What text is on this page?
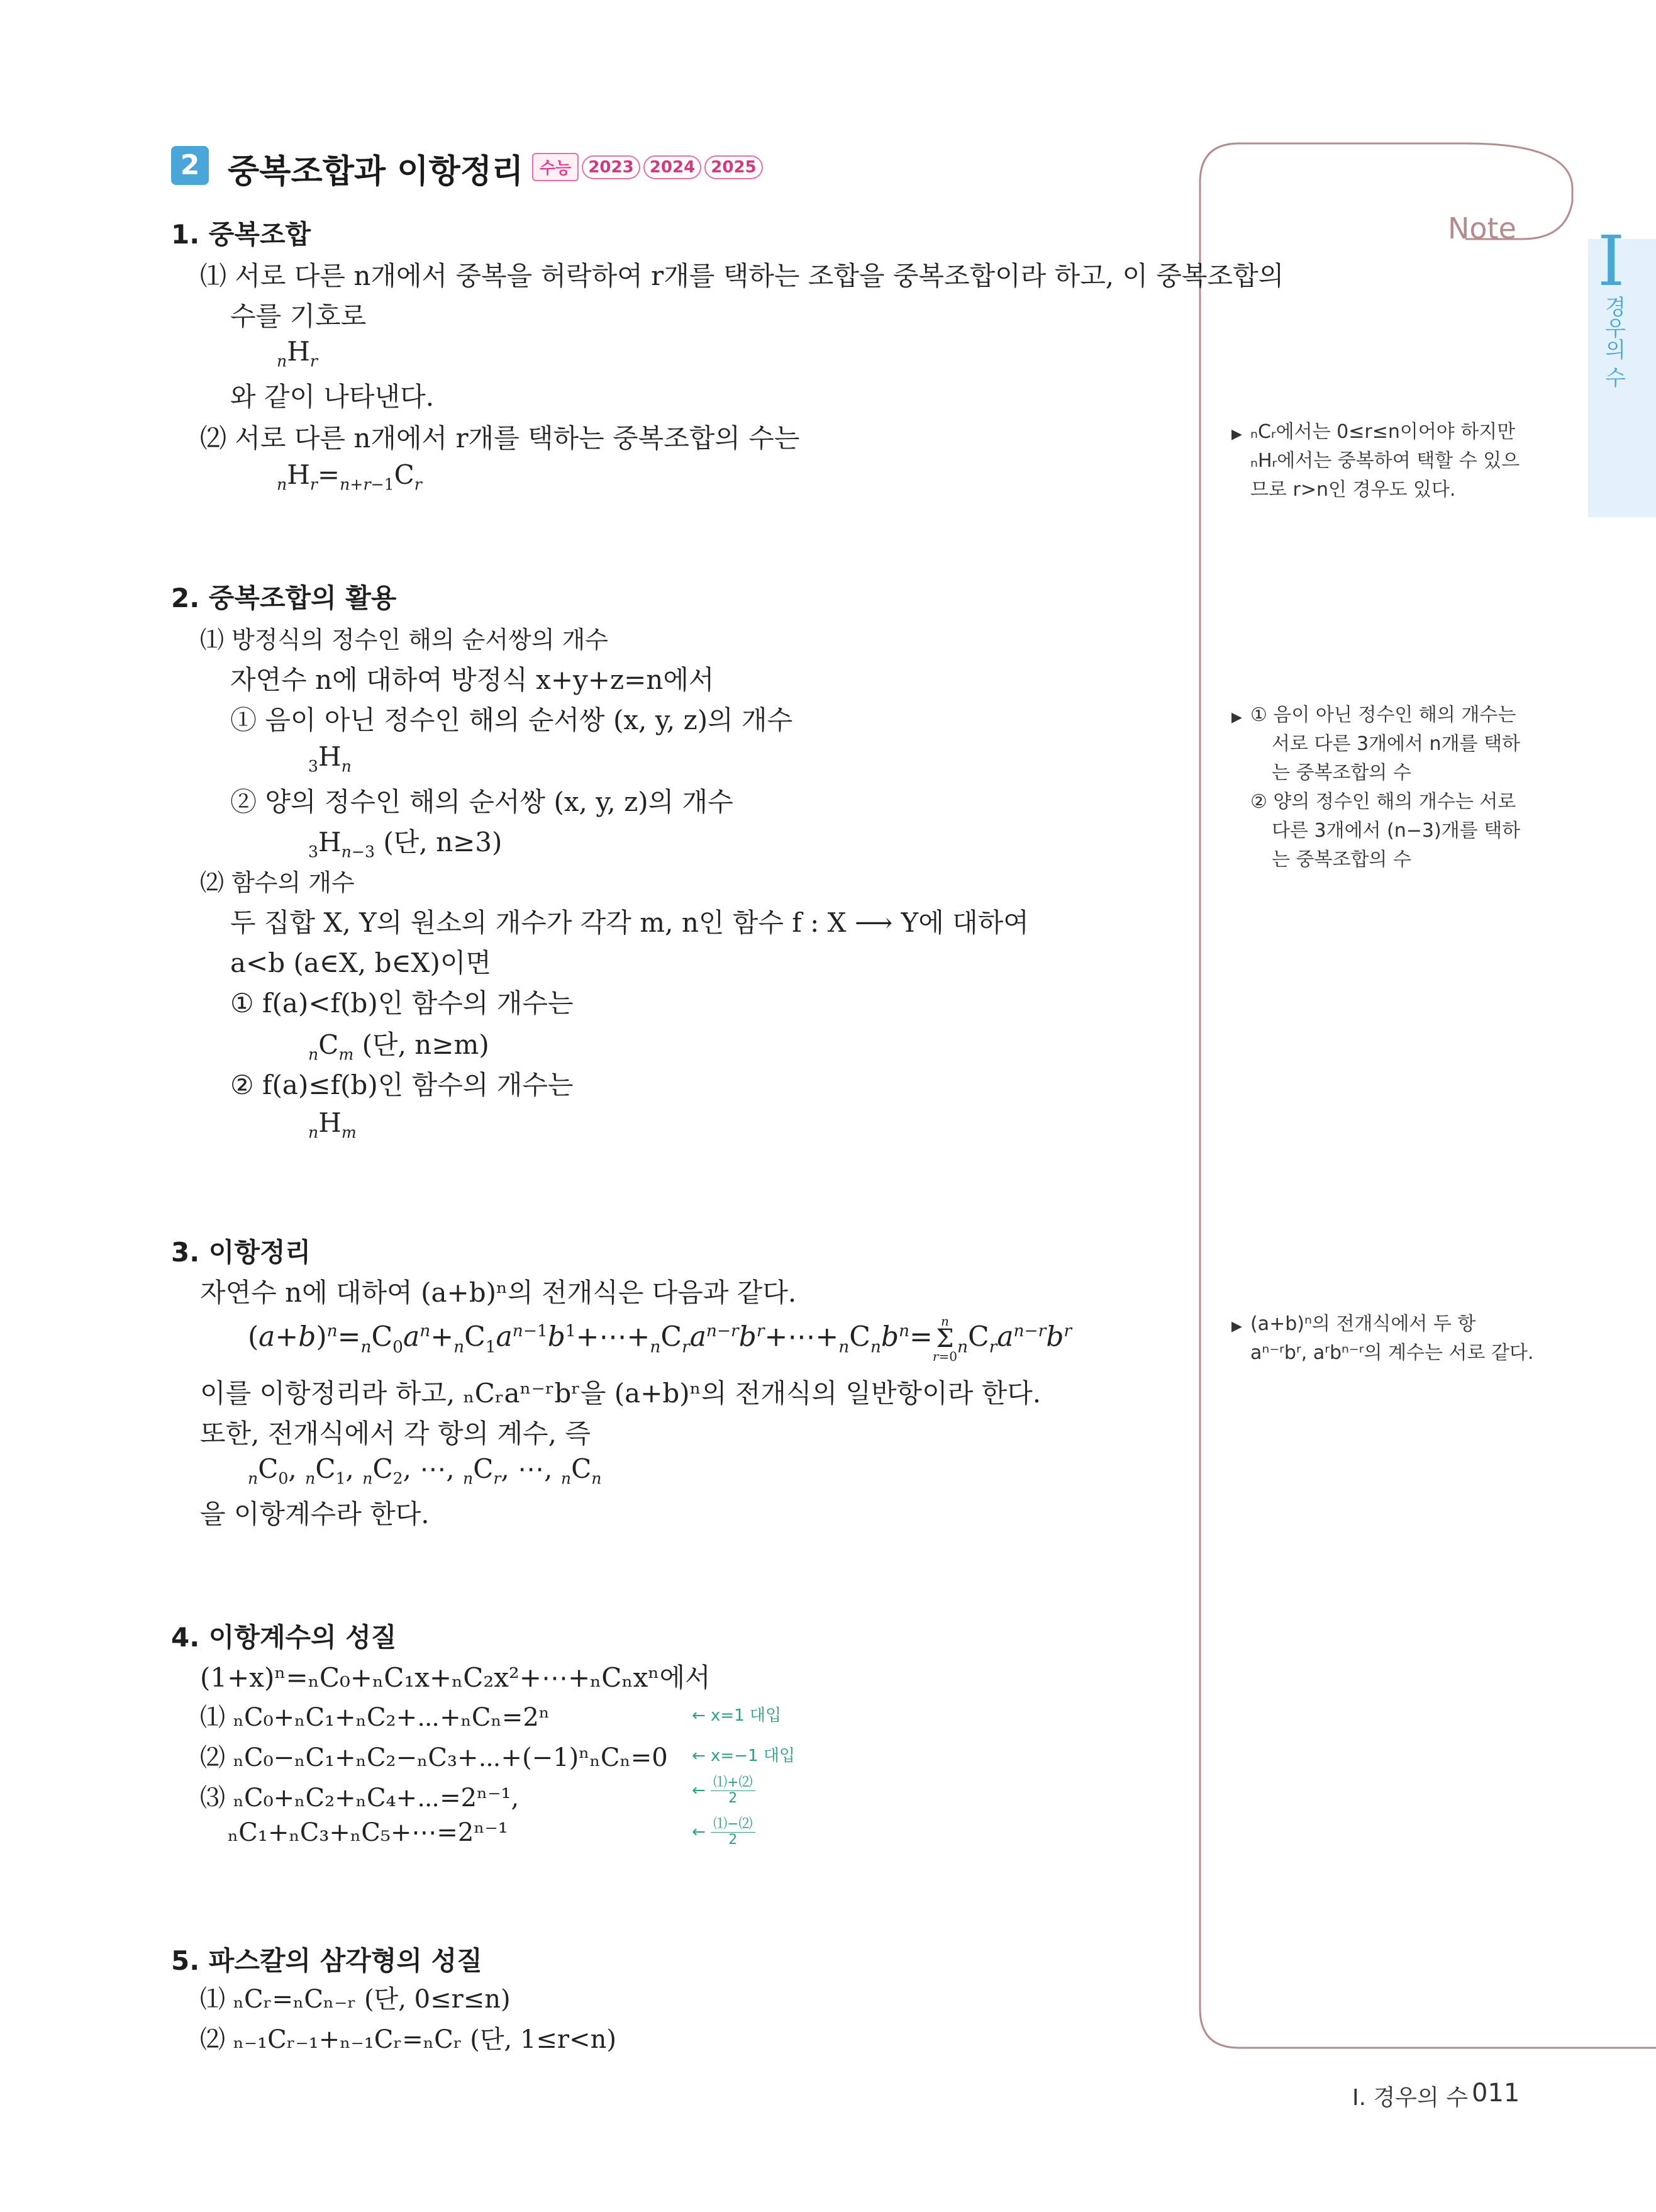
2 중복조합과 이항정리 수능 2023 2024 2025
Note I
경우의 수
1. 중복조합
⑴ 서로 다른 n개에서 중복을 허락하여 r개를 택하는 조합을 중복조합이라 하고, 이 중복조합의
수를 기호로
$_nH_r$
와 같이 나타낸다.
⑵ 서로 다른 n개에서 r개를 택하는 중복조합의 수는
$_nH_r=_{n+r-1}C_r$
2. 중복조합의 활용
⑴ 방정식의 정수인 해의 순서쌍의 개수
자연수 n에 대하여 방정식 x+y+z=n에서
① 음이 아닌 정수인 해의 순서쌍 (x, y, z)의 개수
$_3H_n$
② 양의 정수인 해의 순서쌍 (x, y, z)의 개수
$_3H_{n-3}$ (단, n≥3)
⑵ 함수의 개수
두 집합 X, Y의 원소의 개수가 각각 m, n인 함수 f : X ⟶ Y에 대하여
a<b (a∈X, b∈X)이면
① f(a)<f(b)인 함수의 개수는
$_nC_m$ (단, n≥m)
② f(a)≤f(b)인 함수의 개수는
$_nH_m$
3. 이항정리
자연수 n에 대하여 (a+b)ⁿ의 전개식은 다음과 같다.
$(a+b)^n=_nC_0a^n+_nC_1a^{n-1}b^1+\cdots+_nC_ra^{n-r}b^r+\cdots+_nC_nb^n= n$
Σ
r=0 $_nC_ra^{n-r}b^r$
이를 이항정리라 하고, ₙCᵣaⁿ⁻ʳbʳ을 (a+b)ⁿ의 전개식의 일반항이라 한다.
또한, 전개식에서 각 항의 계수, 즉
$_nC_0$, $_nC_1$, $_nC_2$, ⋯, $_nC_r$, ⋯, $_nC_n$
을 이항계수라 한다.
4. 이항계수의 성질
(1+x)ⁿ=ₙC₀+ₙC₁x+ₙC₂x²+⋯+ₙCₙxⁿ에서
⑴ ₙC₀+ₙC₁+ₙC₂+⋯+ₙCₙ=2ⁿ
⑵ ₙC₀−ₙC₁+ₙC₂−ₙC₃+⋯+(−1)ⁿₙCₙ=0
⑶ ₙC₀+ₙC₂+ₙC₄+⋯=2ⁿ⁻¹,
ₙC₁+ₙC₃+ₙC₅+⋯=2ⁿ⁻¹
← x=1 대입
← x=−1 대입
← $\frac{\text{⑴+⑵}}{2}$
← $\frac{\text{⑴−⑵}}{2}$
5. 파스칼의 삼각형의 성질
⑴ ₙCᵣ=ₙCₙ₋ᵣ (단, 0≤r≤n)
⑵ ₙ₋₁Cᵣ₋₁+ₙ₋₁Cᵣ=ₙCᵣ (단, 1≤r<n)
▶ ₙCᵣ에서는 0≤r≤n이어야 하지만
ₙHᵣ에서는 중복하여 택할 수 있으
므로 r>n인 경우도 있다.
▶ ① 음이 아닌 정수인 해의 개수는
서로 다른 3개에서 n개를 택하
는 중복조합의 수
② 양의 정수인 해의 개수는 서로
다른 3개에서 (n−3)개를 택하
는 중복조합의 수
▶ (a+b)ⁿ의 전개식에서 두 항
aⁿ⁻ʳbʳ, aʳbⁿ⁻ʳ의 계수는 서로 같다.
I. 경우의 수 011
